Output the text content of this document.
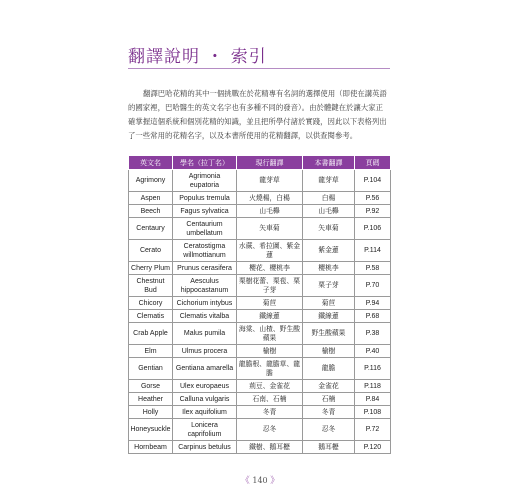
翻譯說明 ・ 索引

翻譯巴哈花精的其中一個挑戰在於花精專有名詞的選擇使用（即使在講英語的國家裡，巴哈醫生的英文名字也有多種不同的發音）。由於體鍵在於讓大家正確掌握這個系統和個別花精的知識，並且把所學付諸於實踐，因此以下表格列出了一些常用的花精名字，以及本書所使用的花精翻譯，以供查閱參考。

英文名	學名（拉丁名）	現行翻譯	本書翻譯	頁碼
Agrimony	Agrimonia eupatoria	龍芽草	龍芽草	P.104
Aspen	Populus tremula	火燒楊，白楊	白楊	P.56
Beech	Fagus sylvatica	山毛櫸	山毛櫸	P.92
Centaury	Centaurium umbellatum	矢車菊	矢車菊	P.106
Cerato	Ceratostigma willmottianum	水蕨、希拉圖、紫金蓮	紫金蓮	P.114
Cherry Plum	Prunus cerasifera	櫻花、櫻桃李	櫻桃李	P.58
Chestnut Bud	Aesculus hippocastanum	栗樹花蕾、栗苞、栗子芽	栗子芽	P.70
Chicory	Cichorium intybus	菊苣	菊苣	P.94
Clematis	Clematis vitalba	鐵線蓮	鐵線蓮	P.68
Crab Apple	Malus pumila	海棠、山楂、野生酸蘋果	野生酸蘋果	P.38
Elm	Ulmus procera	榆樹	榆樹	P.40
Gentian	Gentiana amarella	龍膽根、龍膽草、龍膽	龍膽	P.116
Gorse	Ulex europaeus	荊豆、金雀花	金雀花	P.118
Heather	Calluna vulgaris	石南、石楠	石楠	P.84
Holly	Ilex aquifolium	冬青	冬青	P.108
Honeysuckle	Lonicera caprifolium	忍冬	忍冬	P.72
Hornbeam	Carpinus betulus	鐵樹、鵝耳櫪	鵝耳櫪	P.120
《 140 》
